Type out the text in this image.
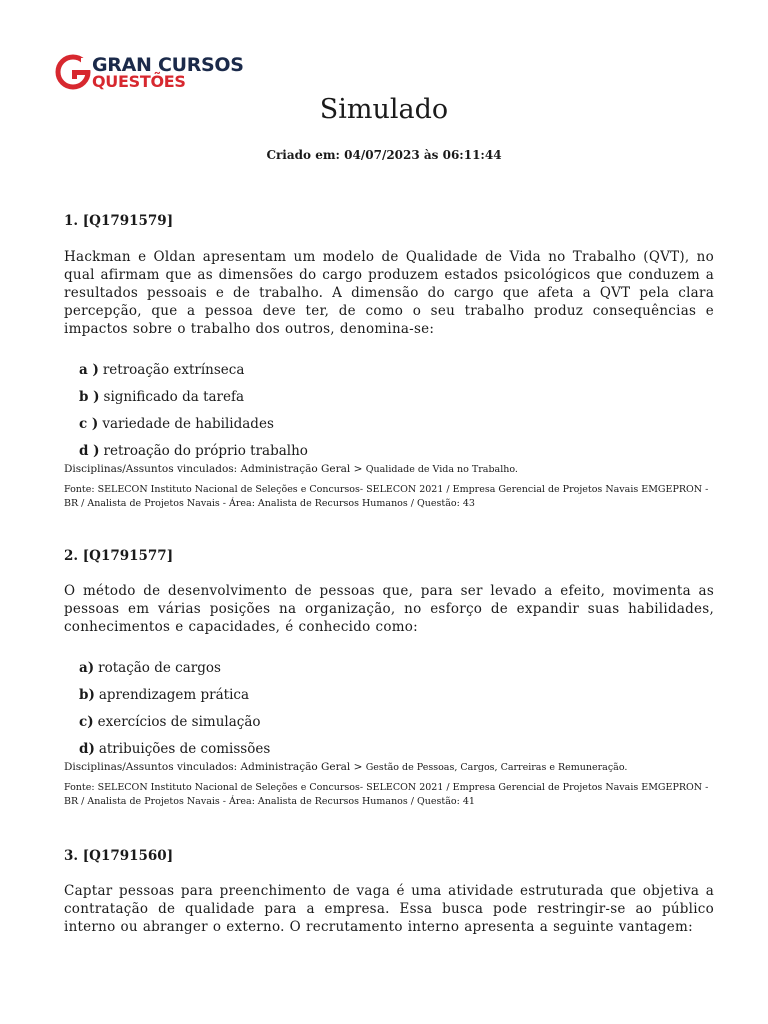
GRAN CURSOS
QUESTÕES
Simulado
Criado em: 04/07/2023 às 06:11:44

1. [Q1791579]

Hackman e Oldan apresentam um modelo de Qualidade de Vida no Trabalho (QVT), no qual afirmam que as dimensões do cargo produzem estados psicológicos que conduzem a resultados pessoais e de trabalho. A dimensão do cargo que afeta a QVT pela clara percepção, que a pessoa deve ter, de como o seu trabalho produz consequências e impactos sobre o trabalho dos outros, denomina-se:

a ) retroação extrínseca
b ) significado da tarefa
c ) variedade de habilidades
d ) retroação do próprio trabalho

Disciplinas/Assuntos vinculados: Administração Geral > Qualidade de Vida no Trabalho.

Fonte: SELECON Instituto Nacional de Seleções e Concursos- SELECON 2021 / Empresa Gerencial de Projetos Navais EMGEPRON - BR / Analista de Projetos Navais - Área: Analista de Recursos Humanos / Questão: 43

2. [Q1791577]

O método de desenvolvimento de pessoas que, para ser levado a efeito, movimenta as pessoas em várias posições na organização, no esforço de expandir suas habilidades, conhecimentos e capacidades, é conhecido como:

a) rotação de cargos
b) aprendizagem prática
c) exercícios de simulação
d) atribuições de comissões

Disciplinas/Assuntos vinculados: Administração Geral > Gestão de Pessoas, Cargos, Carreiras e Remuneração.

Fonte: SELECON Instituto Nacional de Seleções e Concursos- SELECON 2021 / Empresa Gerencial de Projetos Navais EMGEPRON - BR / Analista de Projetos Navais - Área: Analista de Recursos Humanos / Questão: 41

3. [Q1791560]

Captar pessoas para preenchimento de vaga é uma atividade estruturada que objetiva a contratação de qualidade para a empresa. Essa busca pode restringir-se ao público interno ou abranger o externo. O recrutamento interno apresenta a seguinte vantagem:
